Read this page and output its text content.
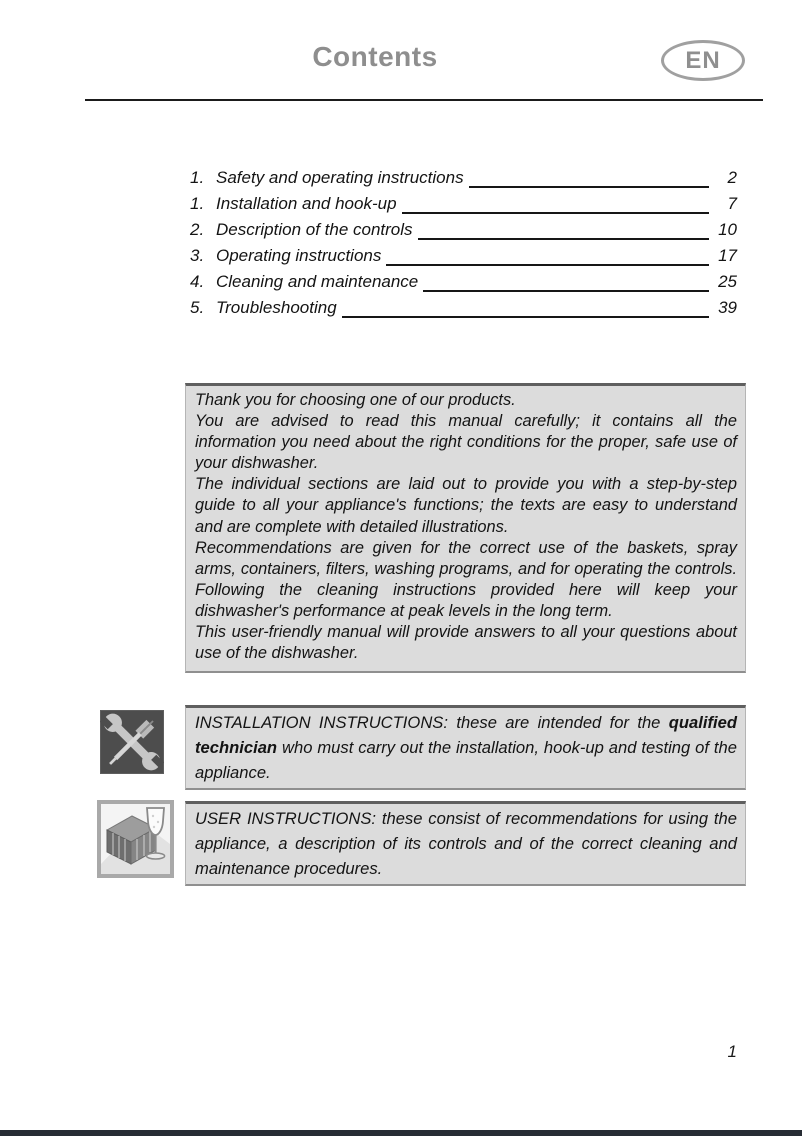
Contents	EN
1. Safety and operating instructions	2
1. Installation and hook-up	7
2. Description of the controls	10
3. Operating instructions	17
4. Cleaning and maintenance	25
5. Troubleshooting	39

Thank you for choosing one of our products.

You are advised to read this manual carefully; it contains all the information you need about the right conditions for the proper, safe use of your dishwasher.

The individual sections are laid out to provide you with a step-by-step guide to all your appliance's functions; the texts are easy to understand and are complete with detailed illustrations.

Recommendations are given for the correct use of the baskets, spray arms, containers, filters, washing programs, and for operating the controls. Following the cleaning instructions provided here will keep your dishwasher's performance at peak levels in the long term.

This user-friendly manual will provide answers to all your questions about use of the dishwasher.

INSTALLATION INSTRUCTIONS: these are intended for the qualified technician who must carry out the installation, hook-up and testing of the appliance.

USER INSTRUCTIONS: these consist of recommendations for using the appliance, a description of its controls and of the correct cleaning and maintenance procedures.

1
